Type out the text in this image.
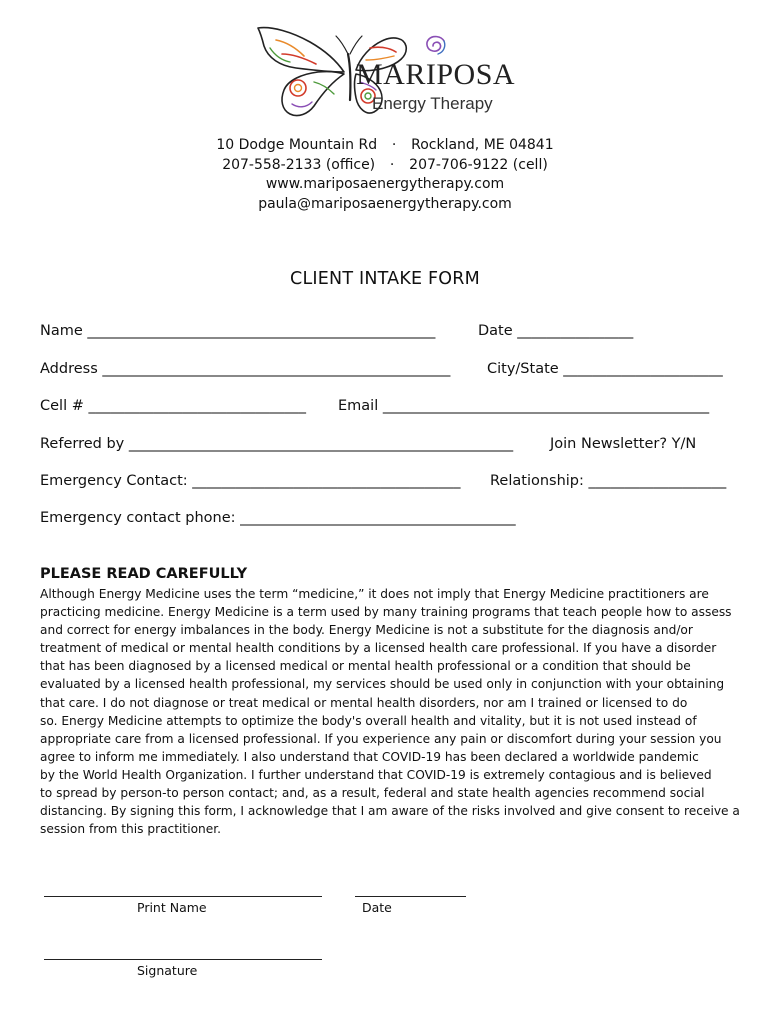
MARIPOSA
Energy Therapy
10 Dodge Mountain Rd · Rockland, ME 04841
207-558-2133 (office) · 207-706-9122 (cell)
www.mariposaenergytherapy.com
paula@mariposaenergytherapy.com
CLIENT INTAKE FORM
Name ________________________________________________	Date ________________
Address ________________________________________________	City/State ______________________
Cell # ______________________________ Email _____________________________________________
Referred by _____________________________________________________	Join Newsletter? Y/N
Emergency Contact: _____________________________________ Relationship: ___________________
Emergency contact phone: ______________________________________
PLEASE READ CAREFULLY
Although Energy Medicine uses the term “medicine,” it does not imply that Energy Medicine practitioners are
practicing medicine. Energy Medicine is a term used by many training programs that teach people how to assess
and correct for energy imbalances in the body. Energy Medicine is not a substitute for the diagnosis and/or
treatment of medical or mental health conditions by a licensed health care professional. If you have a disorder
that has been diagnosed by a licensed medical or mental health professional or a condition that should be
evaluated by a licensed health professional, my services should be used only in conjunction with your obtaining
that care. I do not diagnose or treat medical or mental health disorders, nor am I trained or licensed to do
so. Energy Medicine attempts to optimize the body's overall health and vitality, but it is not used instead of
appropriate care from a licensed professional. If you experience any pain or discomfort during your session you
agree to inform me immediately. I also understand that COVID-19 has been declared a worldwide pandemic
by the World Health Organization. I further understand that COVID-19 is extremely contagious and is believed
to spread by person-to person contact; and, as a result, federal and state health agencies recommend social
distancing. By signing this form, I acknowledge that I am aware of the risks involved and give consent to receive a
session from this practitioner.
Print Name	Date
Signature
